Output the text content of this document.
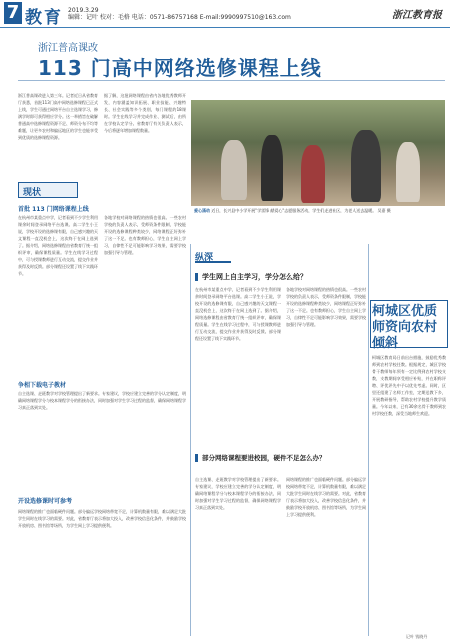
7 教育 2019.3.29
编辑：记叶 校对：毛格 电话：0571-86757168 E-mail:9990997510@163.com	浙江教育报
浙江普高课改
113 门高中网络选修课程上线
浙江普高课改进入第三年。记者近日从省教育厅获悉，首批113门高中网络选修课程已正式上线，学生可通过网络平台自主选课学习，修满学时即可获得相应学分。这一举措旨在破解普通高中选修课程资源不足、师资分布不均等难题，让更多农村和偏远地区的学生也能享受到优质的选修课程资源。
据了解，这批网络课程由省内各地优秀教师开发，内容涵盖知识拓展、职业技能、兴趣特长、社会实践等多个类别，每门课程约18课时。学生在线学习并完成作业、测试后，由所在学校认定学分。省教育厅有关负责人表示，今后将逐年增加课程数量。
爱心涌动 近日，长兴县中小学开展"学雷锋 献爱心"志愿服务活动，学生们走进社区，为老人送去温暖。 吴嘉 摄
现状
首批 113 门网络课程上线
在杭州市某重点中学，记者看到不少学生利用课余时间登录网络平台选课。高二学生小王说，学校开设的选修课有限，自己感兴趣的天文课程一直没机会上，这次终于在网上选到了。据介绍，网络选修课程由省教育厅统一组织评审，确保课程质量。学生在线学习过程中，可与授课教师进行互动交流，提交作业并获得及时反馈。部分课程还设置了线下实践环节。
各地学校对网络课程的热情也很高。一些农村学校的负责人表示，受师资条件限制，学校能开设的选修课程种类较少，网络课程正好弥补了这一不足。也有教师担心，学生自主网上学习，自律性不足可能影响学习效果，需要学校加强引导与管理。
争相下载电子教材
自主选课、走班教学对学校管理提出了新要求。专家建议，学校应建立完善的学分认定制度，明确网络课程学分与校本课程学分的衔接办法，同时加强对学生学习过程的监督，确保网络课程学习真正落到实处。
开设选修课时可参考
网络课程的推广也面临硬件问题。部分偏远学校网络带宽不足，计算机数量有限，难以满足大批学生同时在线学习的需要。对此，省教育厅表示将加大投入，改善学校信息化条件，并鼓励学校开放机房、图书馆等场所，为学生网上学习提供便利。
纵深
学生网上自主学习，学分怎么给？
在杭州市某重点中学，记者看到不少学生利用课余时间登录网络平台选课。高二学生小王说，学校开设的选修课有限，自己感兴趣的天文课程一直没机会上，这次终于在网上选到了。据介绍，网络选修课程由省教育厅统一组织评审，确保课程质量。学生在线学习过程中，可与授课教师进行互动交流，提交作业并获得及时反馈。部分课程还设置了线下实践环节。
各地学校对网络课程的热情也很高。一些农村学校的负责人表示，受师资条件限制，学校能开设的选修课程种类较少，网络课程正好弥补了这一不足。也有教师担心，学生自主网上学习，自律性不足可能影响学习效果，需要学校加强引导与管理。
部分网络课程要进校园，硬件不足怎么办？
自主选课、走班教学对学校管理提出了新要求。专家建议，学校应建立完善的学分认定制度，明确网络课程学分与校本课程学分的衔接办法，同时加强对学生学习过程的监督，确保网络课程学习真正落到实处。
网络课程的推广也面临硬件问题。部分偏远学校网络带宽不足，计算机数量有限，难以满足大批学生同时在线学习的需要。对此，省教育厅表示将加大投入，改善学校信息化条件，并鼓励学校开放机房、图书馆等场所，为学生网上学习提供便利。
柯城区优质师资向农村倾斜
柯城区教育局日前出台措施，鼓励优秀教师到农村学校任教。根据规定，城区学校骨干教师每年须有一定比例到农村学校支教，支教期间享受相应补贴，并在职称评聘、评优评先中予以优先考虑。同时，区里还组建了名师工作室，定期送教下乡，开展教研指导，帮助农村学校提升教学质量。今年以来，已有30余名骨干教师到农村学校任教，深受当地师生欢迎。
记叶 钱晓丹
